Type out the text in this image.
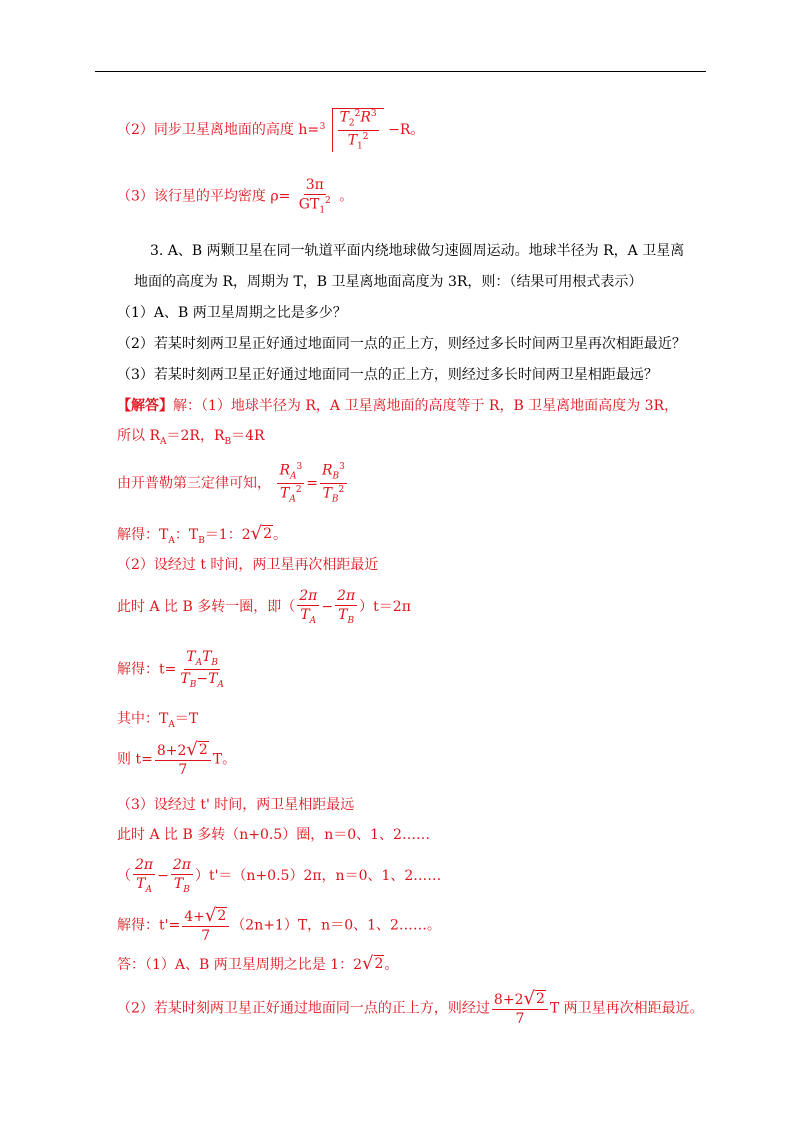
（2）同步卫星离地面的高度 $h= 3 \frac{T_2^2R^3}{T_1^2} -R$。
（3）该行星的平均密度 $\rho= \frac{3\pi}{GT_1^2}$ 。
3. A、B 两颗卫星在同一轨道平面内绕地球做匀速圆周运动。地球半径为 R，A 卫星离
地面的高度为 R，周期为 T，B 卫星离地面高度为 3R，则：（结果可用根式表示）
（1）A、B 两卫星周期之比是多少？
（2）若某时刻两卫星正好通过地面同一点的正上方，则经过多长时间两卫星再次相距最近？
（3）若某时刻两卫星正好通过地面同一点的正上方，则经过多长时间两卫星相距最远？
【解答】解：（1）地球半径为 R，A 卫星离地面的高度等于 R，B 卫星离地面高度为 3R，
所以 $R_A=2R$，$R_B=4R$
由开普勒第三定律可知， $\frac{R_A^3}{T_A^2} = \frac{R_B^3}{T_B^2}$
解得：$T_A$：$T_B=1$：2 √ 2 。
（2）设经过 t 时间，两卫星再次相距最近
此时 A 比 B 多转一圈，即（ $\frac{2\pi}{T_A} - \frac{2\pi}{T_B} )t=2\pi$
解得：$t= \frac{T_AT_B}{T_B-T_A}$
其中：$T_A=T$
则 $t= \frac{8+2 √ 2}{7}$ T。
（3）设经过 t' 时间，两卫星相距最远
此时 A 比 B 多转（n+0.5）圈，n＝0、1、2……
（ $\frac{2\pi}{T_A} - \frac{2\pi}{T_B} )t'=(n+0.5)2\pi$，n＝0、1、2……
解得：$t'= \frac{4+ √ 2}{7} (2n+1)T$，n＝0、1、2……。
答：（1）A、B 两卫星周期之比是 1：2 √ 2 。
（2）若某时刻两卫星正好通过地面同一点的正上方，则经过 $\frac{8+2 √ 2}{7}$ T 两卫星再次相距最近。
